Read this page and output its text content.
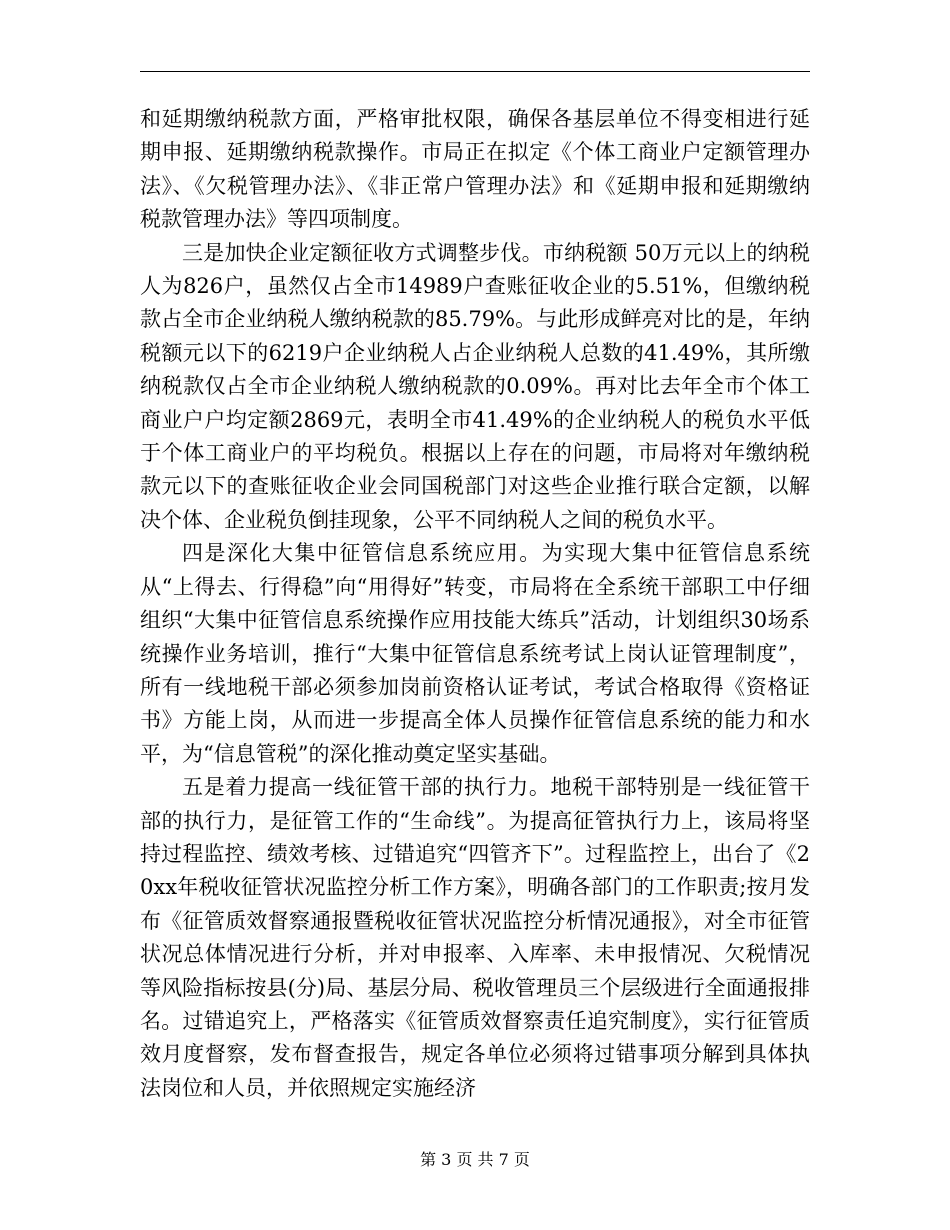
和延期缴纳税款方面，严格审批权限，确保各基层单位不得变相进行延期申报、延期缴纳税款操作。市局正在拟定《个体工商业户定额管理办法》、《欠税管理办法》、《非正常户管理办法》和《延期申报和延期缴纳税款管理办法》等四项制度。

三是加快企业定额征收方式调整步伐。市纳税额 50万元以上的纳税人为826户，虽然仅占全市14989户查账征收企业的5.51%，但缴纳税款占全市企业纳税人缴纳税款的85.79%。与此形成鲜亮对比的是，年纳税额元以下的6219户企业纳税人占企业纳税人总数的41.49%，其所缴纳税款仅占全市企业纳税人缴纳税款的0.09%。再对比去年全市个体工商业户户均定额2869元，表明全市41.49%的企业纳税人的税负水平低于个体工商业户的平均税负。根据以上存在的问题，市局将对年缴纳税款元以下的查账征收企业会同国税部门对这些企业推行联合定额，以解决个体、企业税负倒挂现象，公平不同纳税人之间的税负水平。

四是深化大集中征管信息系统应用。为实现大集中征管信息系统从“上得去、行得稳”向“用得好”转变，市局将在全系统干部职工中仔细组织“大集中征管信息系统操作应用技能大练兵”活动，计划组织30场系统操作业务培训，推行“大集中征管信息系统考试上岗认证管理制度”，所有一线地税干部必须参加岗前资格认证考试，考试合格取得《资格证书》方能上岗，从而进一步提高全体人员操作征管信息系统的能力和水平，为“信息管税”的深化推动奠定坚实基础。

五是着力提高一线征管干部的执行力。地税干部特别是一线征管干部的执行力，是征管工作的“生命线”。为提高征管执行力上，该局将坚持过程监控、绩效考核、过错追究“四管齐下”。过程监控上，出台了《20xx年税收征管状况监控分析工作方案》，明确各部门的工作职责;按月发布《征管质效督察通报暨税收征管状况监控分析情况通报》，对全市征管状况总体情况进行分析，并对申报率、入库率、未申报情况、欠税情况等风险指标按县(分)局、基层分局、税收管理员三个层级进行全面通报排名。过错追究上，严格落实《征管质效督察责任追究制度》，实行征管质效月度督察，发布督查报告，规定各单位必须将过错事项分解到具体执法岗位和人员，并依照规定实施经济

第 3 页 共 7 页
